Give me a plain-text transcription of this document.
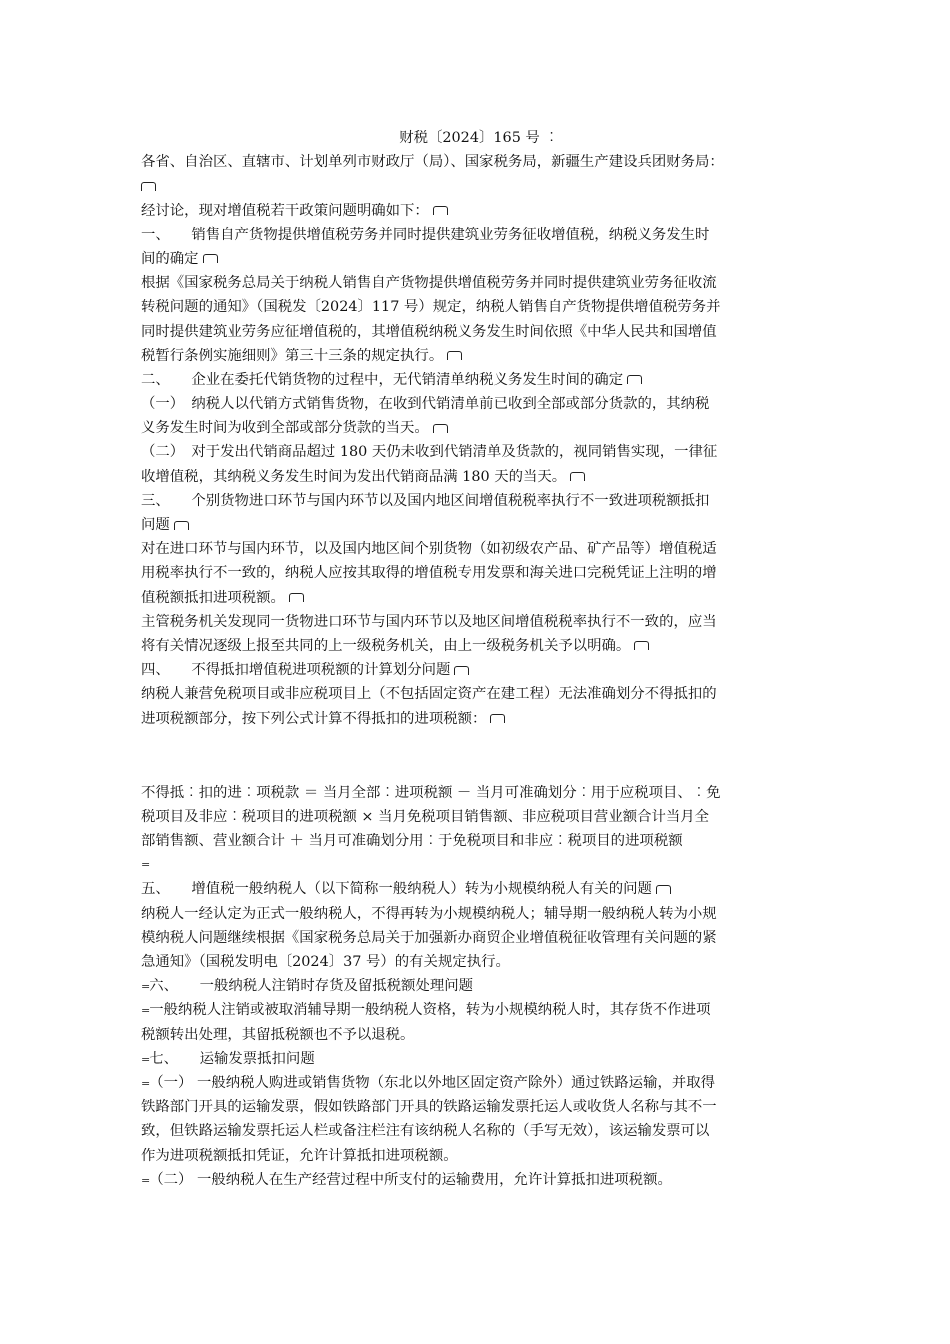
财税〔2024〕165 号 ︰
各省、自治区、直辖市、计划单列市财政厅（局）、国家税务局，新疆生产建设兵团财务局：
经讨论，现对增值税若干政策问题明确如下：
一、　　销售自产货物提供增值税劳务并同时提供建筑业劳务征收增值税，纳税义务发生时
间的确定
根据《国家税务总局关于纳税人销售自产货物提供增值税劳务并同时提供建筑业劳务征收流
转税问题的通知》（国税发〔2024〕117 号）规定，纳税人销售自产货物提供增值税劳务并
同时提供建筑业劳务应征增值税的，其增值税纳税义务发生时间依照《中华人民共和国增值
税暂行条例实施细则》第三十三条的规定执行。
二、　　企业在委托代销货物的过程中，无代销清单纳税义务发生时间的确定
（一）　纳税人以代销方式销售货物，在收到代销清单前已收到全部或部分货款的，其纳税
义务发生时间为收到全部或部分货款的当天。
（二）　对于发出代销商品超过 180 天仍未收到代销清单及货款的，视同销售实现，一律征
收增值税，其纳税义务发生时间为发出代销商品满 180 天的当天。
三、　　个别货物进口环节与国内环节以及国内地区间增值税税率执行不一致进项税额抵扣
问题
对在进口环节与国内环节，以及国内地区间个别货物（如初级农产品、矿产品等）增值税适
用税率执行不一致的，纳税人应按其取得的增值税专用发票和海关进口完税凭证上注明的增
值税额抵扣进项税额。
主管税务机关发现同一货物进口环节与国内环节以及地区间增值税税率执行不一致的，应当
将有关情况逐级上报至共同的上一级税务机关，由上一级税务机关予以明确。
四、　　不得抵扣增值税进项税额的计算划分问题
纳税人兼营免税项目或非应税项目上（不包括固定资产在建工程）无法准确划分不得抵扣的
进项税额部分，按下列公式计算不得抵扣的进项税额：
不得抵︰扣的进︰项税款 ＝ 当月全部︰进项税额 － 当月可准确划分︰用于应税项目、︰免
税项目及非应︰税项目的进项税额 × 当月免税项目销售额、非应税项目营业额合计当月全
部销售额、营业额合计 ＋ 当月可准确划分用︰于免税项目和非应︰税项目的进项税额
=
五、　　增值税一般纳税人（以下简称一般纳税人）转为小规模纳税人有关的问题
纳税人一经认定为正式一般纳税人，不得再转为小规模纳税人；辅导期一般纳税人转为小规
模纳税人问题继续根据《国家税务总局关于加强新办商贸企业增值税征收管理有关问题的紧
急通知》（国税发明电〔2024〕37 号）的有关规定执行。
=六、　　一般纳税人注销时存货及留抵税额处理问题
=一般纳税人注销或被取消辅导期一般纳税人资格，转为小规模纳税人时，其存货不作进项
税额转出处理，其留抵税额也不予以退税。
=七、　　运输发票抵扣问题
=（一） 一般纳税人购进或销售货物（东北以外地区固定资产除外）通过铁路运输，并取得
铁路部门开具的运输发票，假如铁路部门开具的铁路运输发票托运人或收货人名称与其不一
致，但铁路运输发票托运人栏或备注栏注有该纳税人名称的（手写无效），该运输发票可以
作为进项税额抵扣凭证，允许计算抵扣进项税额。
=（二） 一般纳税人在生产经营过程中所支付的运输费用，允许计算抵扣进项税额。
